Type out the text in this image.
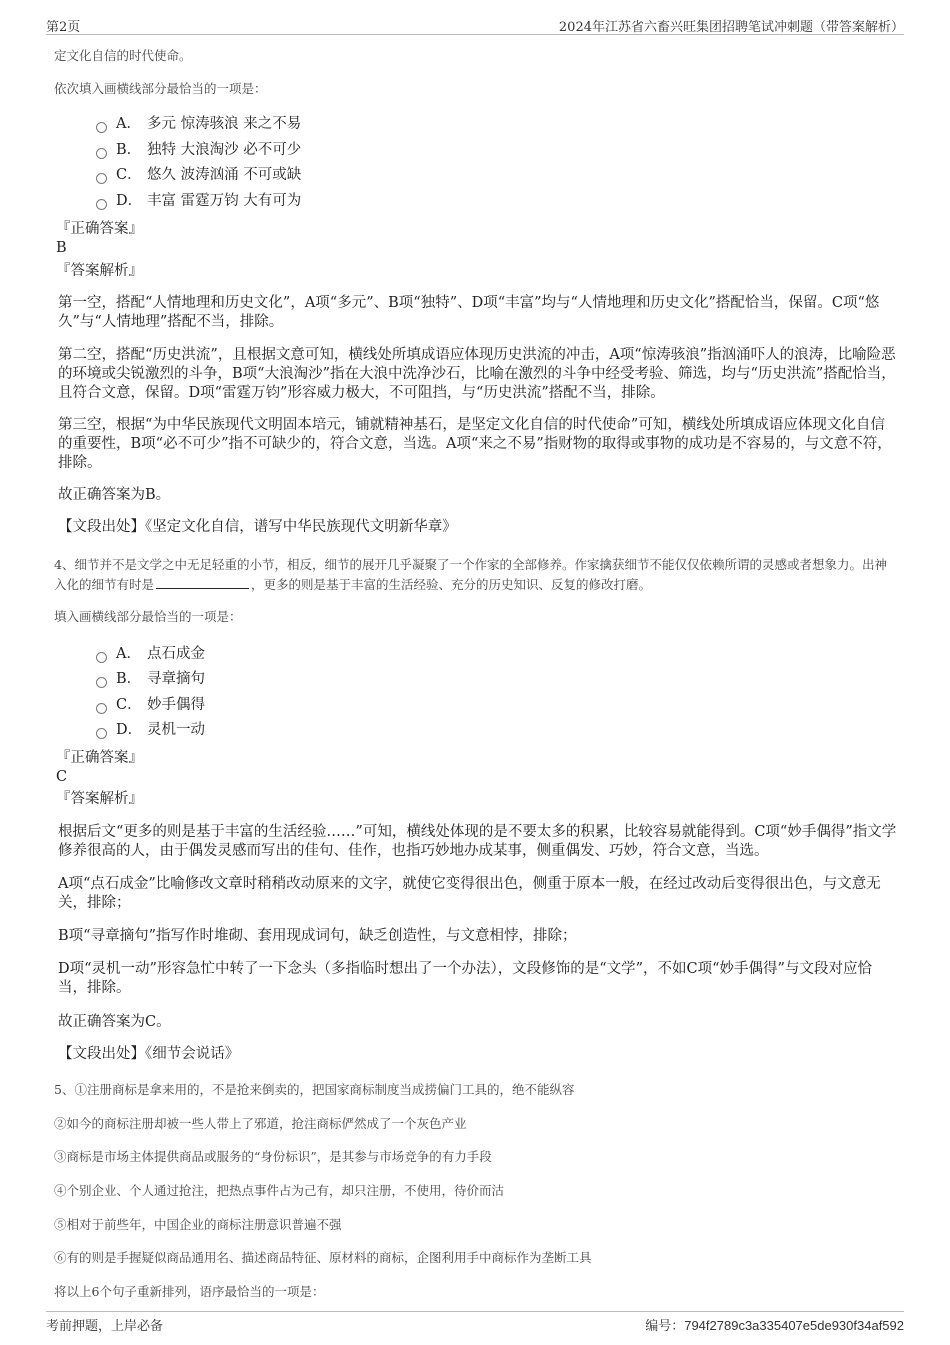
第2页	2024年江苏省六畜兴旺集团招聘笔试冲刺题（带答案解析）
定文化自信的时代使命。
依次填入画横线部分最恰当的一项是：
A． 多元 惊涛骇浪 来之不易
B． 独特 大浪淘沙 必不可少
C． 悠久 波涛汹涌 不可或缺
D． 丰富 雷霆万钧 大有可为
『正确答案』
B
『答案解析』
第一空，搭配“人情地理和历史文化”，A项“多元”、B项“独特”、D项“丰富”均与“人情地理和历史文化”搭配恰当，保留。C项“悠久”与“人情地理”搭配不当，排除。
第二空，搭配“历史洪流”，且根据文意可知，横线处所填成语应体现历史洪流的冲击，A项“惊涛骇浪”指汹涌吓人的浪涛，比喻险恶的环境或尖锐激烈的斗争，B项“大浪淘沙”指在大浪中洗净沙石，比喻在激烈的斗争中经受考验、筛选，均与“历史洪流”搭配恰当，且符合文意，保留。D项“雷霆万钧”形容威力极大，不可阻挡，与“历史洪流”搭配不当，排除。
第三空，根据“为中华民族现代文明固本培元，铺就精神基石，是坚定文化自信的时代使命”可知，横线处所填成语应体现文化自信的重要性，B项“必不可少”指不可缺少的，符合文意，当选。A项“来之不易”指财物的取得或事物的成功是不容易的，与文意不符，排除。
故正确答案为B。
【文段出处】《坚定文化自信，谱写中华民族现代文明新华章》
4、细节并不是文学之中无足轻重的小节，相反，细节的展开几乎凝聚了一个作家的全部修养。作家擒获细节不能仅仅依赖所谓的灵感或者想象力。出神入化的细节有时是	，更多的则是基于丰富的生活经验、充分的历史知识、反复的修改打磨。
填入画横线部分最恰当的一项是：
A． 点石成金
B． 寻章摘句
C． 妙手偶得
D． 灵机一动
『正确答案』
C
『答案解析』
根据后文“更多的则是基于丰富的生活经验……”可知，横线处体现的是不要太多的积累，比较容易就能得到。C项“妙手偶得”指文学修养很高的人，由于偶发灵感而写出的佳句、佳作，也指巧妙地办成某事，侧重偶发、巧妙，符合文意，当选。
A项“点石成金”比喻修改文章时稍稍改动原来的文字，就使它变得很出色，侧重于原本一般，在经过改动后变得很出色，与文意无关，排除；
B项“寻章摘句”指写作时堆砌、套用现成词句，缺乏创造性，与文意相悖，排除；
D项“灵机一动”形容急忙中转了一下念头（多指临时想出了一个办法），文段修饰的是“文学”，不如C项“妙手偶得”与文段对应恰当，排除。
故正确答案为C。
【文段出处】《细节会说话》
5、①注册商标是拿来用的，不是抢来倒卖的，把国家商标制度当成捞偏门工具的，绝不能纵容
②如今的商标注册却被一些人带上了邪道，抢注商标俨然成了一个灰色产业
③商标是市场主体提供商品或服务的“身份标识”，是其参与市场竞争的有力手段
④个别企业、个人通过抢注，把热点事件占为己有，却只注册，不使用，待价而沽
⑤相对于前些年，中国企业的商标注册意识普遍不强
⑥有的则是手握疑似商品通用名、描述商品特征、原材料的商标，企图利用手中商标作为垄断工具
将以上6个句子重新排列，语序最恰当的一项是：
考前押题，上岸必备	编号：794f2789c3a335407e5de930f34af592
